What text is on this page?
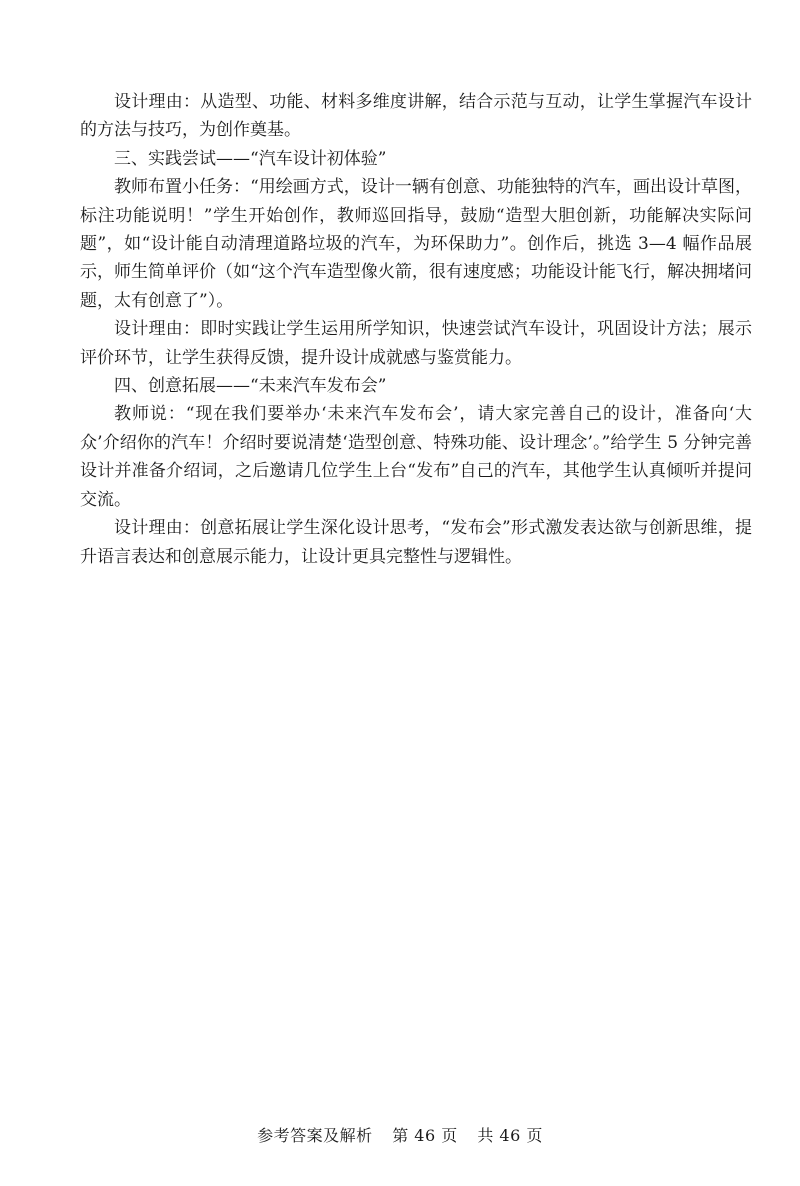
设计理由：从造型、功能、材料多维度讲解，结合示范与互动，让学生掌握汽车设计的方法与技巧，为创作奠基。

三、实践尝试——“汽车设计初体验”

教师布置小任务：“用绘画方式，设计一辆有创意、功能独特的汽车，画出设计草图，标注功能说明！”学生开始创作，教师巡回指导，鼓励“造型大胆创新，功能解决实际问题”，如“设计能自动清理道路垃圾的汽车，为环保助力”。创作后，挑选 3—4 幅作品展示，师生简单评价（如“这个汽车造型像火箭，很有速度感；功能设计能飞行，解决拥堵问题，太有创意了”）。

设计理由：即时实践让学生运用所学知识，快速尝试汽车设计，巩固设计方法；展示评价环节，让学生获得反馈，提升设计成就感与鉴赏能力。

四、创意拓展——“未来汽车发布会”

教师说：“现在我们要举办‘未来汽车发布会’，请大家完善自己的设计，准备向‘大众’介绍你的汽车！介绍时要说清楚‘造型创意、特殊功能、设计理念’。”给学生 5 分钟完善设计并准备介绍词，之后邀请几位学生上台“发布”自己的汽车，其他学生认真倾听并提问交流。

设计理由：创意拓展让学生深化设计思考，“发布会”形式激发表达欲与创新思维，提升语言表达和创意展示能力，让设计更具完整性与逻辑性。

参考答案及解析 第 46 页 共 46 页
